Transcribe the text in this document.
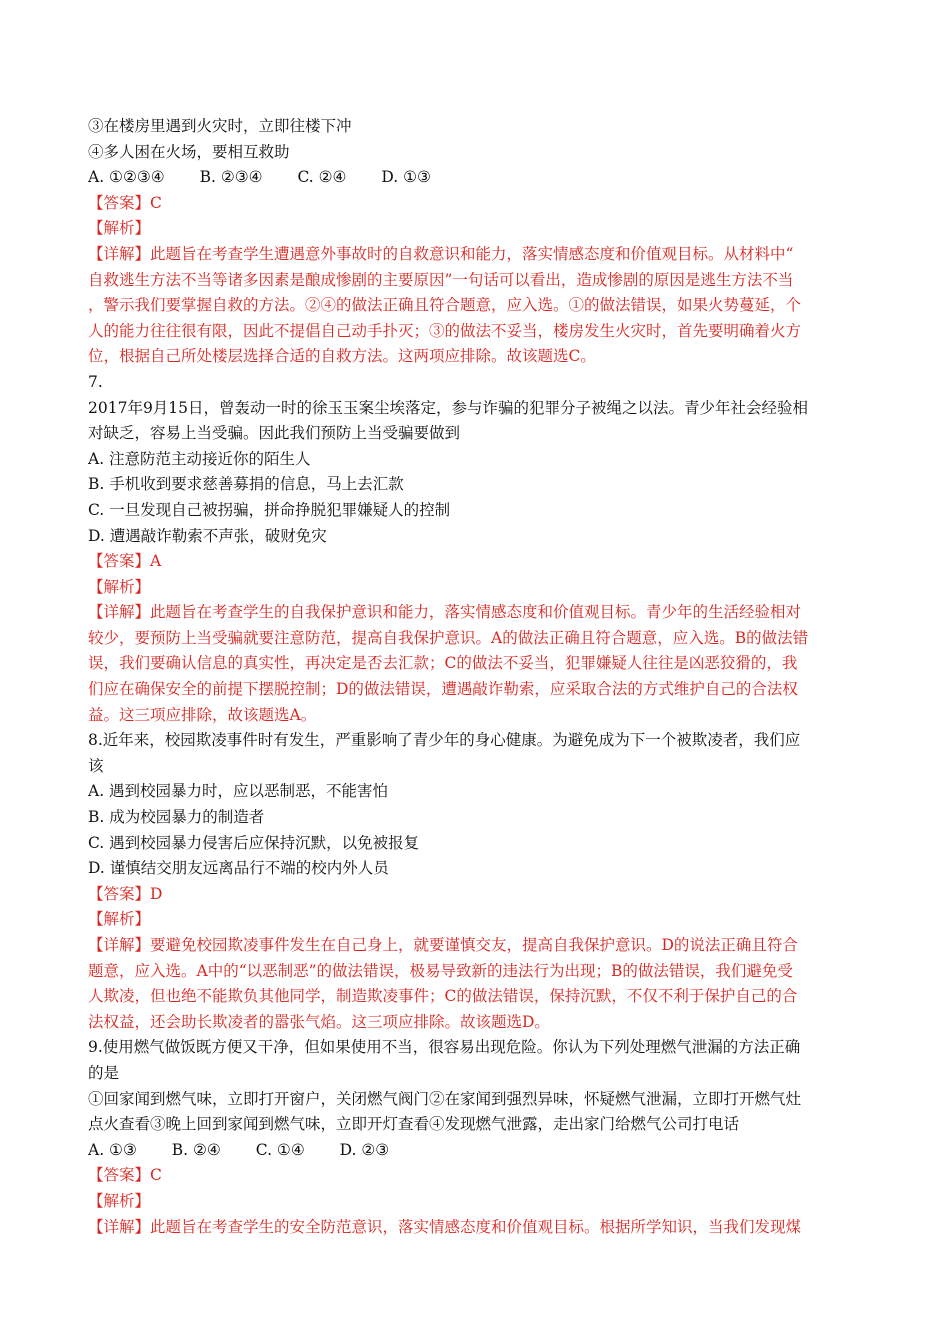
③在楼房里遇到火灾时，立即往楼下冲
④多人困在火场，要相互救助
A. ①②③④ B. ②③④ C. ②④ D. ①③
【答案】C
【解析】
【详解】此题旨在考查学生遭遇意外事故时的自救意识和能力，落实情感态度和价值观目标。从材料中“
自救逃生方法不当等诸多因素是酿成惨剧的主要原因”一句话可以看出，造成惨剧的原因是逃生方法不当
，警示我们要掌握自救的方法。②④的做法正确且符合题意，应入选。①的做法错误，如果火势蔓延，个
人的能力往往很有限，因此不提倡自己动手扑灭；③的做法不妥当，楼房发生火灾时，首先要明确着火方
位，根据自己所处楼层选择合适的自救方法。这两项应排除。故该题选C。
7.
2017年9月15日，曾轰动一时的徐玉玉案尘埃落定，参与诈骗的犯罪分子被绳之以法。青少年社会经验相
对缺乏，容易上当受骗。因此我们预防上当受骗要做到
A. 注意防范主动接近你的陌生人
B. 手机收到要求慈善募捐的信息，马上去汇款
C. 一旦发现自己被拐骗，拼命挣脱犯罪嫌疑人的控制
D. 遭遇敲诈勒索不声张，破财免灾
【答案】A
【解析】
【详解】此题旨在考查学生的自我保护意识和能力，落实情感态度和价值观目标。青少年的生活经验相对
较少，要预防上当受骗就要注意防范，提高自我保护意识。A的做法正确且符合题意，应入选。B的做法错
误，我们要确认信息的真实性，再决定是否去汇款；C的做法不妥当，犯罪嫌疑人往往是凶恶狡猾的，我
们应在确保安全的前提下摆脱控制；D的做法错误，遭遇敲诈勒索，应采取合法的方式维护自己的合法权
益。这三项应排除，故该题选A。
8.近年来，校园欺凌事件时有发生，严重影响了青少年的身心健康。为避免成为下一个被欺凌者，我们应
该
A. 遇到校园暴力时，应以恶制恶，不能害怕
B. 成为校园暴力的制造者
C. 遇到校园暴力侵害后应保持沉默，以免被报复
D. 谨慎结交朋友远离品行不端的校内外人员
【答案】D
【解析】
【详解】要避免校园欺凌事件发生在自己身上，就要谨慎交友，提高自我保护意识。D的说法正确且符合
题意，应入选。A中的“以恶制恶”的做法错误，极易导致新的违法行为出现；B的做法错误，我们避免受
人欺凌，但也绝不能欺负其他同学，制造欺凌事件；C的做法错误，保持沉默，不仅不利于保护自己的合
法权益，还会助长欺凌者的嚣张气焰。这三项应排除。故该题选D。
9.使用燃气做饭既方便又干净，但如果使用不当，很容易出现危险。你认为下列处理燃气泄漏的方法正确
的是
①回家闻到燃气味，立即打开窗户，关闭燃气阀门②在家闻到强烈异味，怀疑燃气泄漏，立即打开燃气灶
点火查看③晚上回到家闻到燃气味，立即开灯查看④发现燃气泄露，走出家门给燃气公司打电话
A. ①③ B. ②④ C. ①④ D. ②③
【答案】C
【解析】
【详解】此题旨在考查学生的安全防范意识，落实情感态度和价值观目标。根据所学知识，当我们发现煤
